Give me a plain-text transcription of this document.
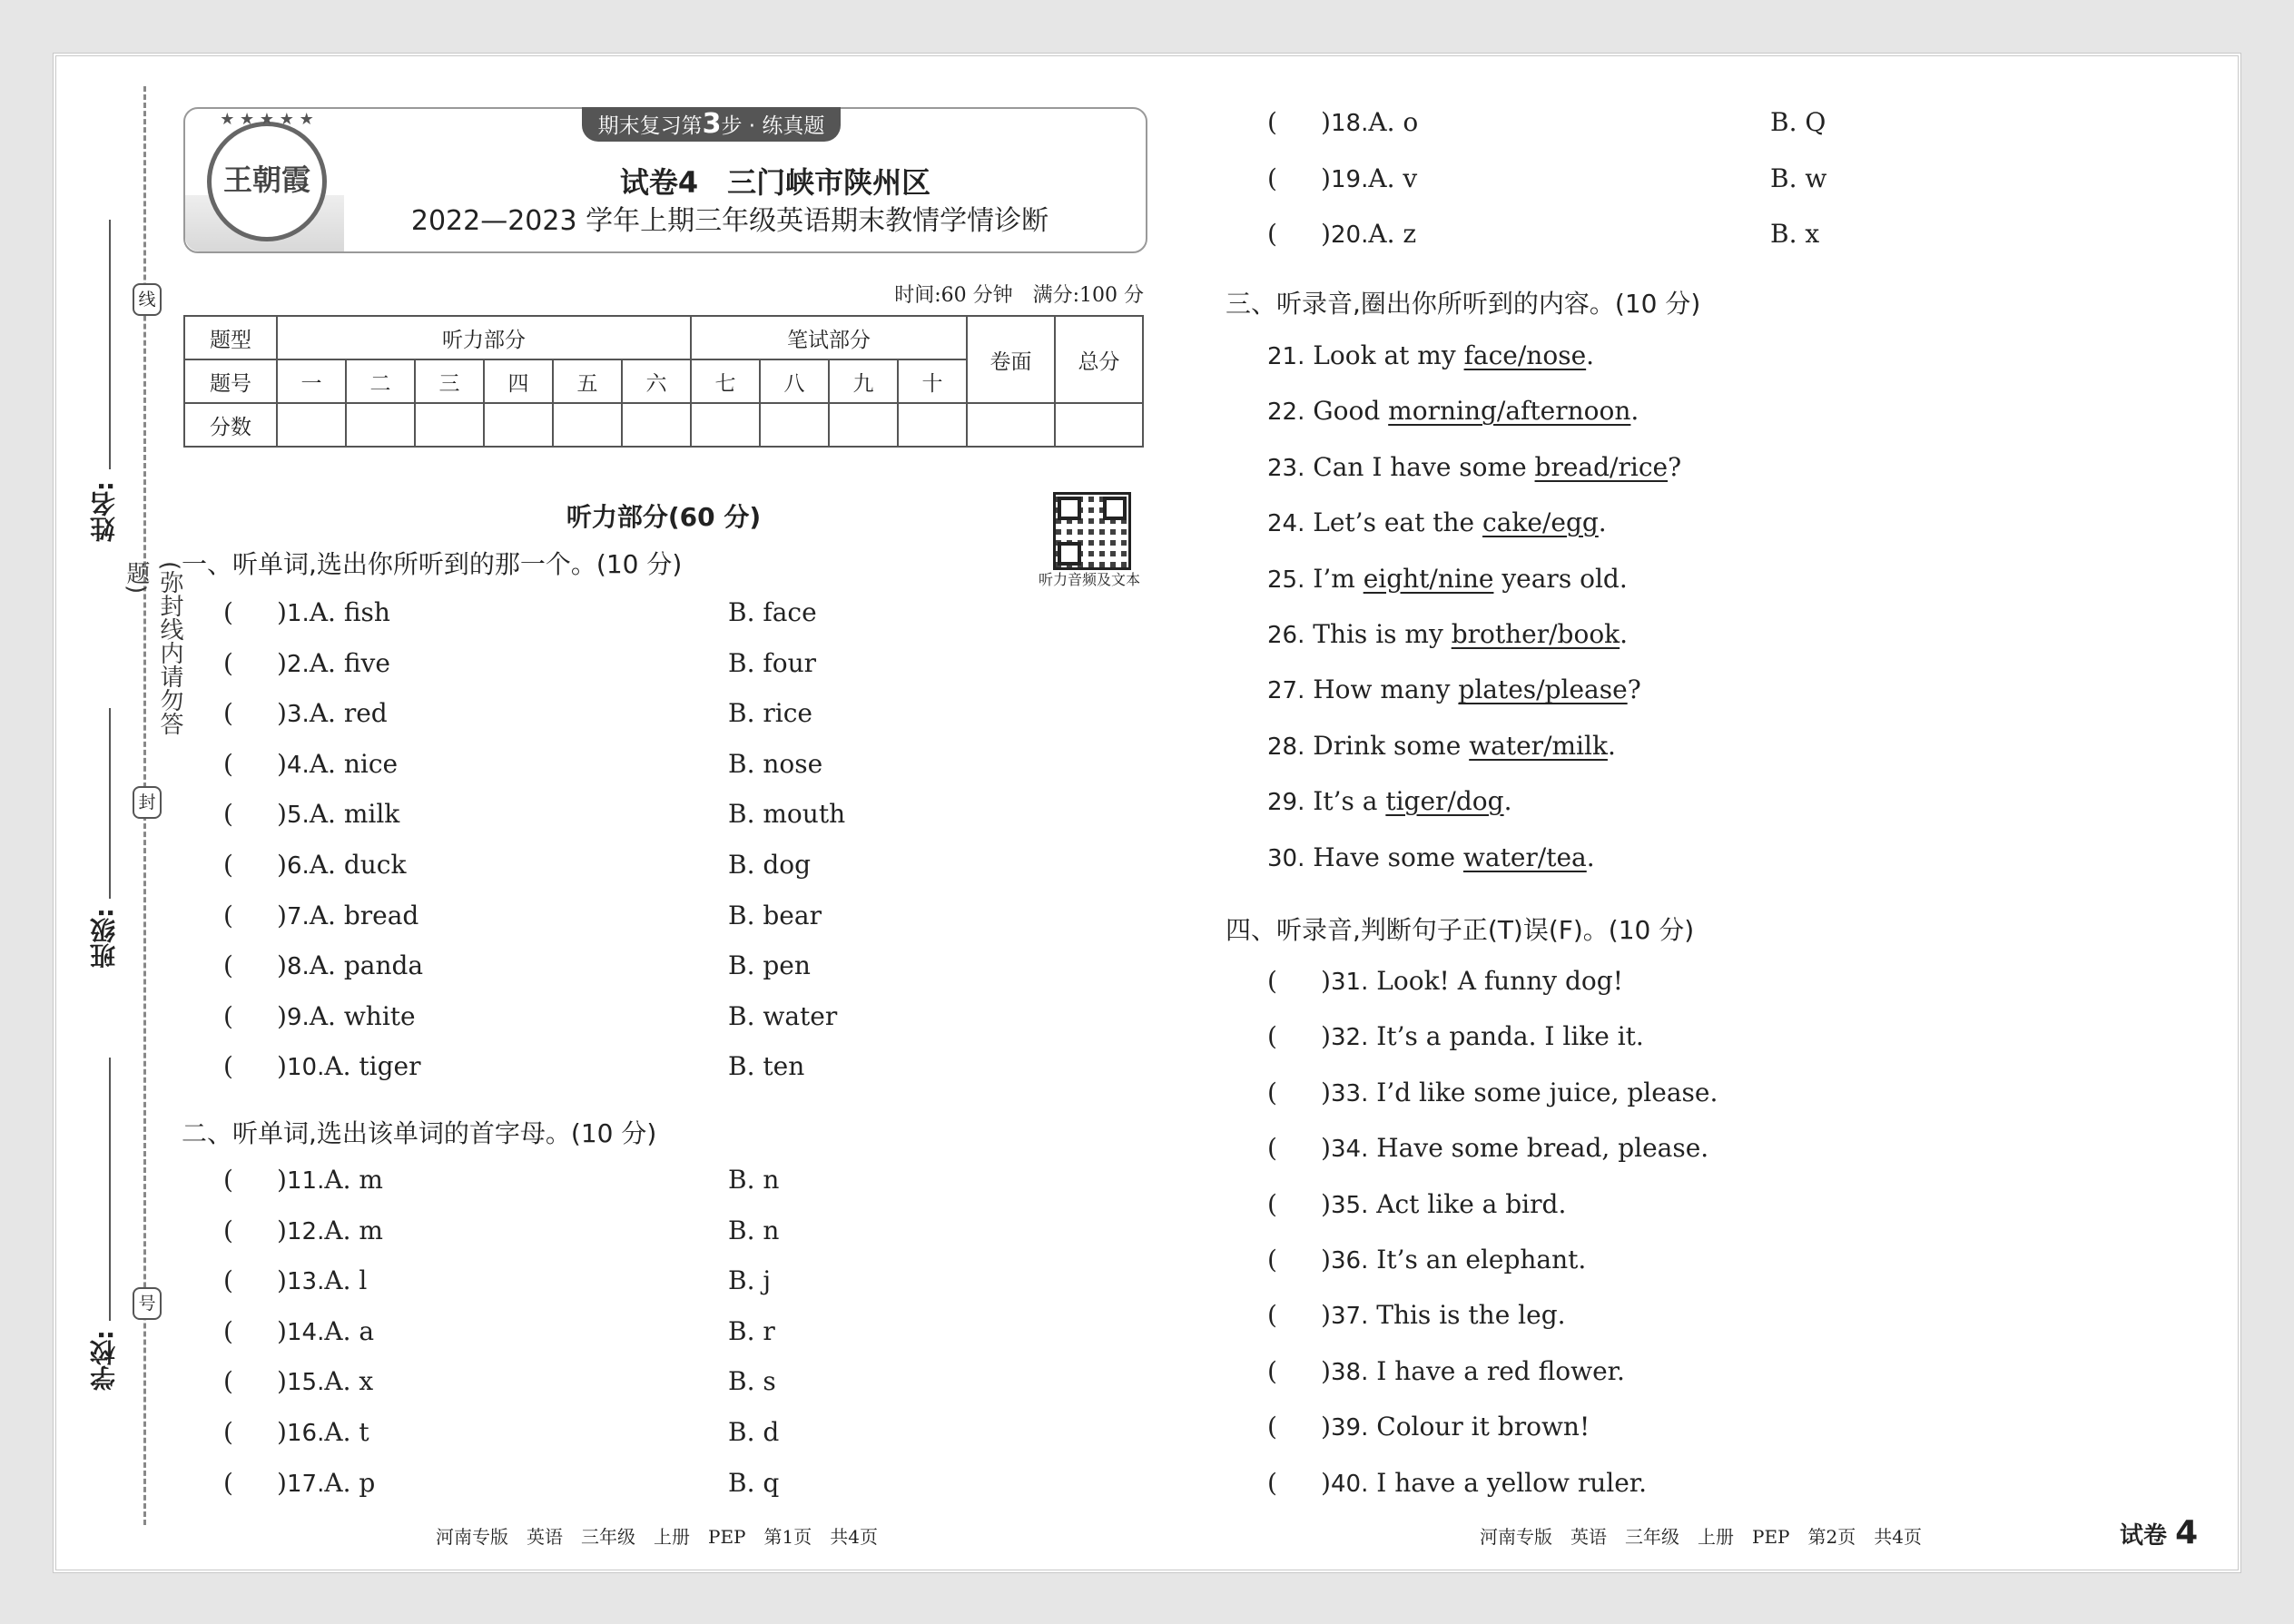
线
(弥封线内请勿答题)
封
号
姓名:
班级:
学校:
期末复习第3步 · 练真题
★ ★ ★ ★ ★
王朝霞	试卷4　三门峡市陕州区
2022—2023 学年上期三年级英语期末教情学情诊断
时间:60 分钟　满分:100 分
题型	听力部分						笔试部分				卷面	总分
题号	一	二	三	四	五	六	七	八	九	十		
分数												
听力部分(60 分)
听力音频及文本
一、听单词,选出你所听到的那一个。(10 分)
二、听单词,选出该单词的首字母。(10 分)
三、听录音,圈出你所听到的内容。(10 分)
四、听录音,判断句子正(T)误(F)。(10 分)
( )1.A. fish	B. face
( )2.A. five	B. four
( )3.A. red	B. rice
( )4.A. nice	B. nose
( )5.A. milk	B. mouth
( )6.A. duck	B. dog
( )7.A. bread	B. bear
( )8.A. panda	B. pen
( )9.A. white	B. water
( )10.A. tiger	B. ten
( )11.A. m	B. n
( )12.A. m	B. n
( )13.A. l	B. j
( )14.A. a	B. r
( )15.A. x	B. s
( )16.A. t	B. d
( )17.A. p	B. q
( )18.A. o	B. Q
( )19.A. v	B. w
( )20.A. z	B. x
21. Look at my face/nose.
22. Good morning/afternoon.
23. Can I have some bread/rice?
24. Let’s eat the cake/egg.
25. I’m eight/nine years old.
26. This is my brother/book.
27. How many plates/please?
28. Drink some water/milk.
29. It’s a tiger/dog.
30. Have some water/tea.
( )31. Look! A funny dog!
( )32. It’s a panda. I like it.
( )33. I’d like some juice, please.
( )34. Have some bread, please.
( )35. Act like a bird.
( )36. It’s an elephant.
( )37. This is the leg.
( )38. I have a red flower.
( )39. Colour it brown!
( )40. I have a yellow ruler.
河南专版　英语　三年级　上册　PEP　第1页　共4页	河南专版　英语　三年级　上册　PEP　第2页　共4页	试卷 4
